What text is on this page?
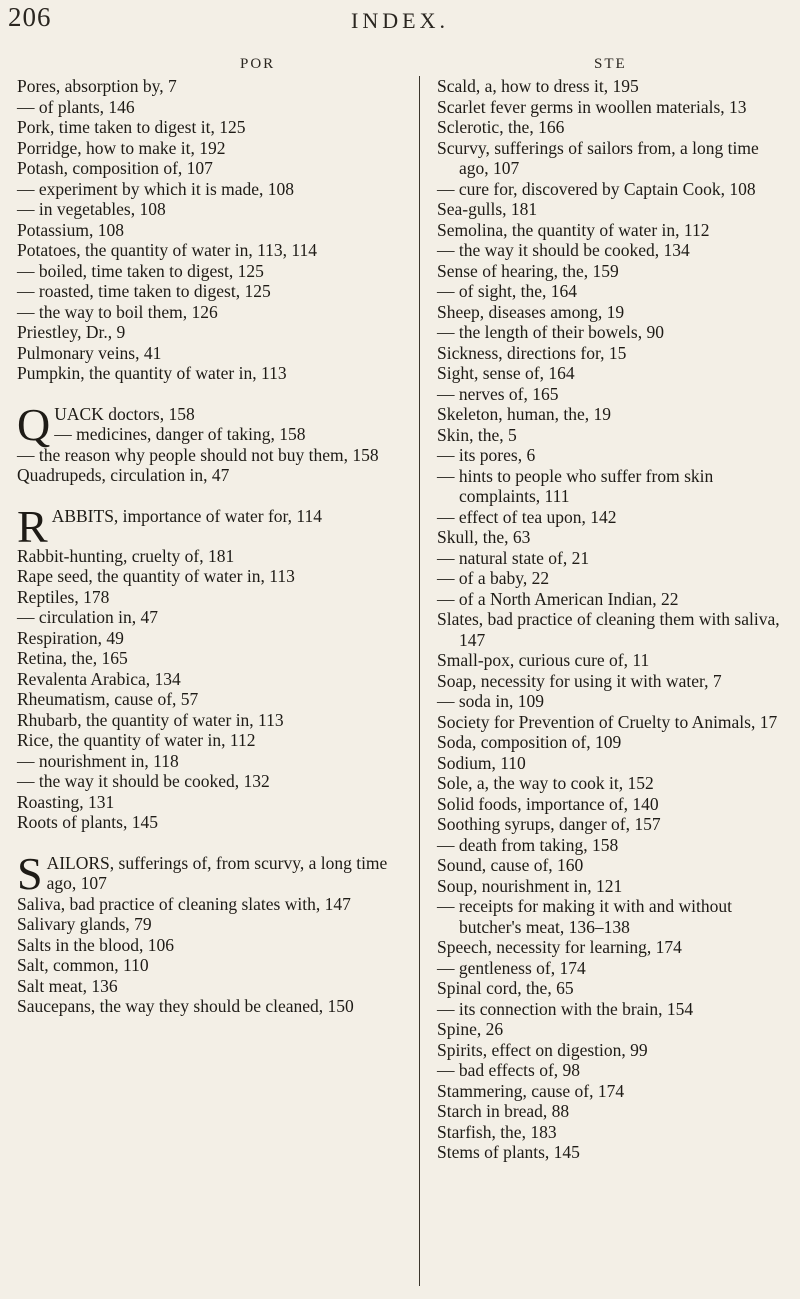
206	INDEX.
POR	STE

Pores, absorption by, 7

— of plants, 146

Pork, time taken to digest it, 125

Porridge, how to make it, 192

Potash, composition of, 107

— experiment by which it is made, 108

— in vegetables, 108

Potassium, 108

Potatoes, the quantity of water in, 113, 114

— boiled, time taken to digest, 125

— roasted, time taken to digest, 125

— the way to boil them, 126

Priestley, Dr., 9

Pulmonary veins, 41

Pumpkin, the quantity of water in, 113

Q UACK doctors, 158
— medicines, danger of taking, 158

— the reason why people should not buy them, 158

Quadrupeds, circulation in, 47

R ABBITS, importance of water for, 114

Rabbit-hunting, cruelty of, 181

Rape seed, the quantity of water in, 113

Reptiles, 178

— circulation in, 47

Respiration, 49

Retina, the, 165

Revalenta Arabica, 134

Rheumatism, cause of, 57

Rhubarb, the quantity of water in, 113

Rice, the quantity of water in, 112

— nourishment in, 118

— the way it should be cooked, 132

Roasting, 131

Roots of plants, 145

S AILORS, sufferings of, from scurvy, a long time ago, 107

Saliva, bad practice of cleaning slates with, 147

Salivary glands, 79

Salts in the blood, 106

Salt, common, 110

Salt meat, 136

Saucepans, the way they should be cleaned, 150

Scald, a, how to dress it, 195

Scarlet fever germs in woollen materials, 13

Sclerotic, the, 166

Scurvy, sufferings of sailors from, a long time ago, 107

— cure for, discovered by Captain Cook, 108

Sea-gulls, 181

Semolina, the quantity of water in, 112

— the way it should be cooked, 134

Sense of hearing, the, 159

— of sight, the, 164

Sheep, diseases among, 19

— the length of their bowels, 90

Sickness, directions for, 15

Sight, sense of, 164

— nerves of, 165

Skeleton, human, the, 19

Skin, the, 5

— its pores, 6

— hints to people who suffer from skin complaints, 111

— effect of tea upon, 142

Skull, the, 63

— natural state of, 21

— of a baby, 22

— of a North American Indian, 22

Slates, bad practice of cleaning them with saliva, 147

Small-pox, curious cure of, 11

Soap, necessity for using it with water, 7

— soda in, 109

Society for Prevention of Cruelty to Animals, 17

Soda, composition of, 109

Sodium, 110

Sole, a, the way to cook it, 152

Solid foods, importance of, 140

Soothing syrups, danger of, 157

— death from taking, 158

Sound, cause of, 160

Soup, nourishment in, 121

— receipts for making it with and without butcher's meat, 136–138

Speech, necessity for learning, 174

— gentleness of, 174

Spinal cord, the, 65

— its connection with the brain, 154

Spine, 26

Spirits, effect on digestion, 99

— bad effects of, 98

Stammering, cause of, 174

Starch in bread, 88

Starfish, the, 183

Stems of plants, 145
